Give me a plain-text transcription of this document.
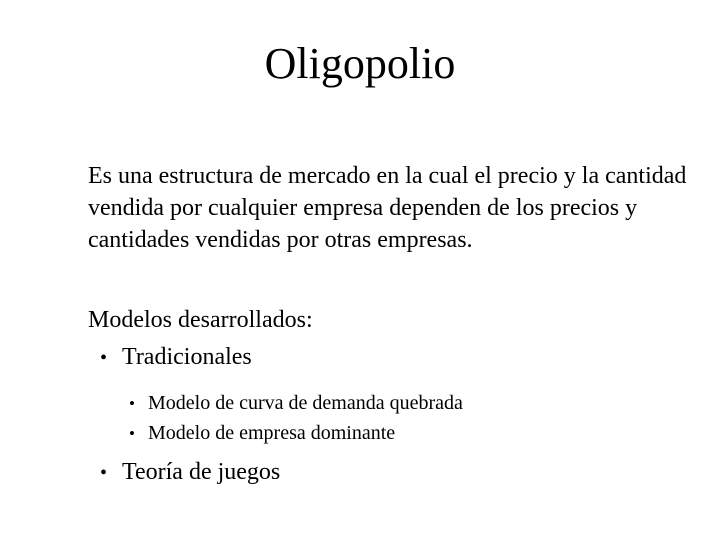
Oligopolio

Es una estructura de mercado en la cual el precio y la cantidad vendida por cualquier empresa dependen de los precios y cantidades vendidas por otras empresas.

Modelos desarrollados:

• Tradicionales
• Modelo de curva de demanda quebrada
• Modelo de empresa dominante
• Teoría de juegos
